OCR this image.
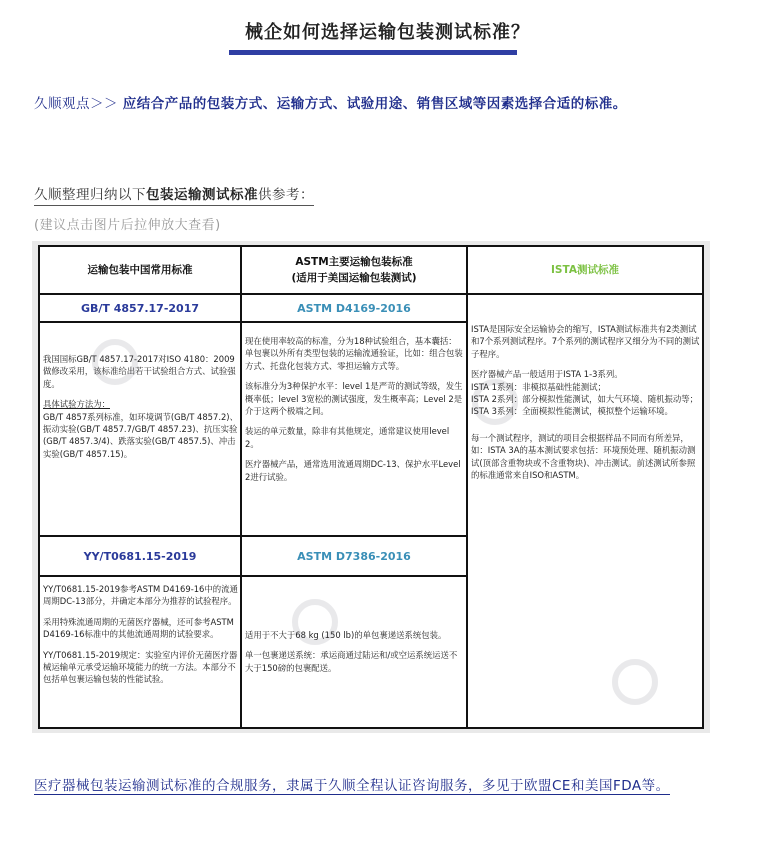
械企如何选择运输包装测试标准？
久顺观点＞＞ 应结合产品的包装方式、运输方式、试验用途、销售区域等因素选择合适的标准。
久顺整理归纳以下包装运输测试标准供参考：
(建议点击图片后拉伸放大查看)
运输包装中国常用标准
GB/T 4857.17-2017

我国国标GB/T 4857.17-2017对ISO 4180：2009做修改采用，该标准给出若干试验组合方式、试验强度。

具体试验方法为：
GB/T 4857系列标准，如环境调节(GB/T 4857.2)、振动实验(GB/T 4857.7/GB/T 4857.23)、抗压实验(GB/T 4857.3/4)、跌落实验(GB/T 4857.5)、冲击实验(GB/T 4857.15)。
YY/T0681.15-2019

YY/T0681.15-2019参考ASTM D4169-16中的流通周期DC-13部分，并确定本部分为推荐的试验程序。

采用特殊流通周期的无菌医疗器械，还可参考ASTM D4169-16标准中的其他流通周期的试验要求。

YY/T0681.15-2019规定：实验室内评价无菌医疗器械运输单元承受运输环境能力的统一方法。本部分不包括单包裹运输包装的性能试验。

ASTM主要运输包装标准
(适用于美国运输包装测试)
ASTM D4169-2016

现在使用率较高的标准，分为18种试验组合，基本囊括：单包裹以外所有类型包装的运输流通验证，比如：组合包装方式、托盘化包装方式、零担运输方式等。

该标准分为3种保护水平：level 1是严苛的测试等级，发生概率低；level 3宽松的测试强度，发生概率高；Level 2是介于这两个极端之间。

装运的单元数量，除非有其他规定，通常建议使用level 2。

医疗器械产品，通常选用流通周期DC-13、保护水平Level 2进行试验。

ASTM D7386-2016

适用于不大于68 kg (150 lb)的单包裹递送系统包装。

单一包裹递送系统：承运商通过陆运和/或空运系统运送不大于150磅的包裹配送。

ISTA测试标准

ISTA是国际安全运输协会的缩写，ISTA测试标准共有2类测试和7个系列测试程序。7个系列的测试程序又细分为不同的测试子程序。

医疗器械产品一般适用于ISTA 1-3系列。
ISTA 1系列：非模拟基础性能测试；
ISTA 2系列：部分模拟性能测试，如大气环境、随机振动等；

ISTA 3系列：全面模拟性能测试，模拟整个运输环境。

每一个测试程序，测试的项目会根据样品不同而有所差异，如：ISTA 3A的基本测试要求包括：环境预处理、随机振动测试(顶部含重物块或不含重物块)、冲击测试。前述测试所参照的标准通常来自ISO和ASTM。

医疗器械包装运输测试标准的合规服务，隶属于久顺全程认证咨询服务，多见于欧盟CE和美国FDA等。
